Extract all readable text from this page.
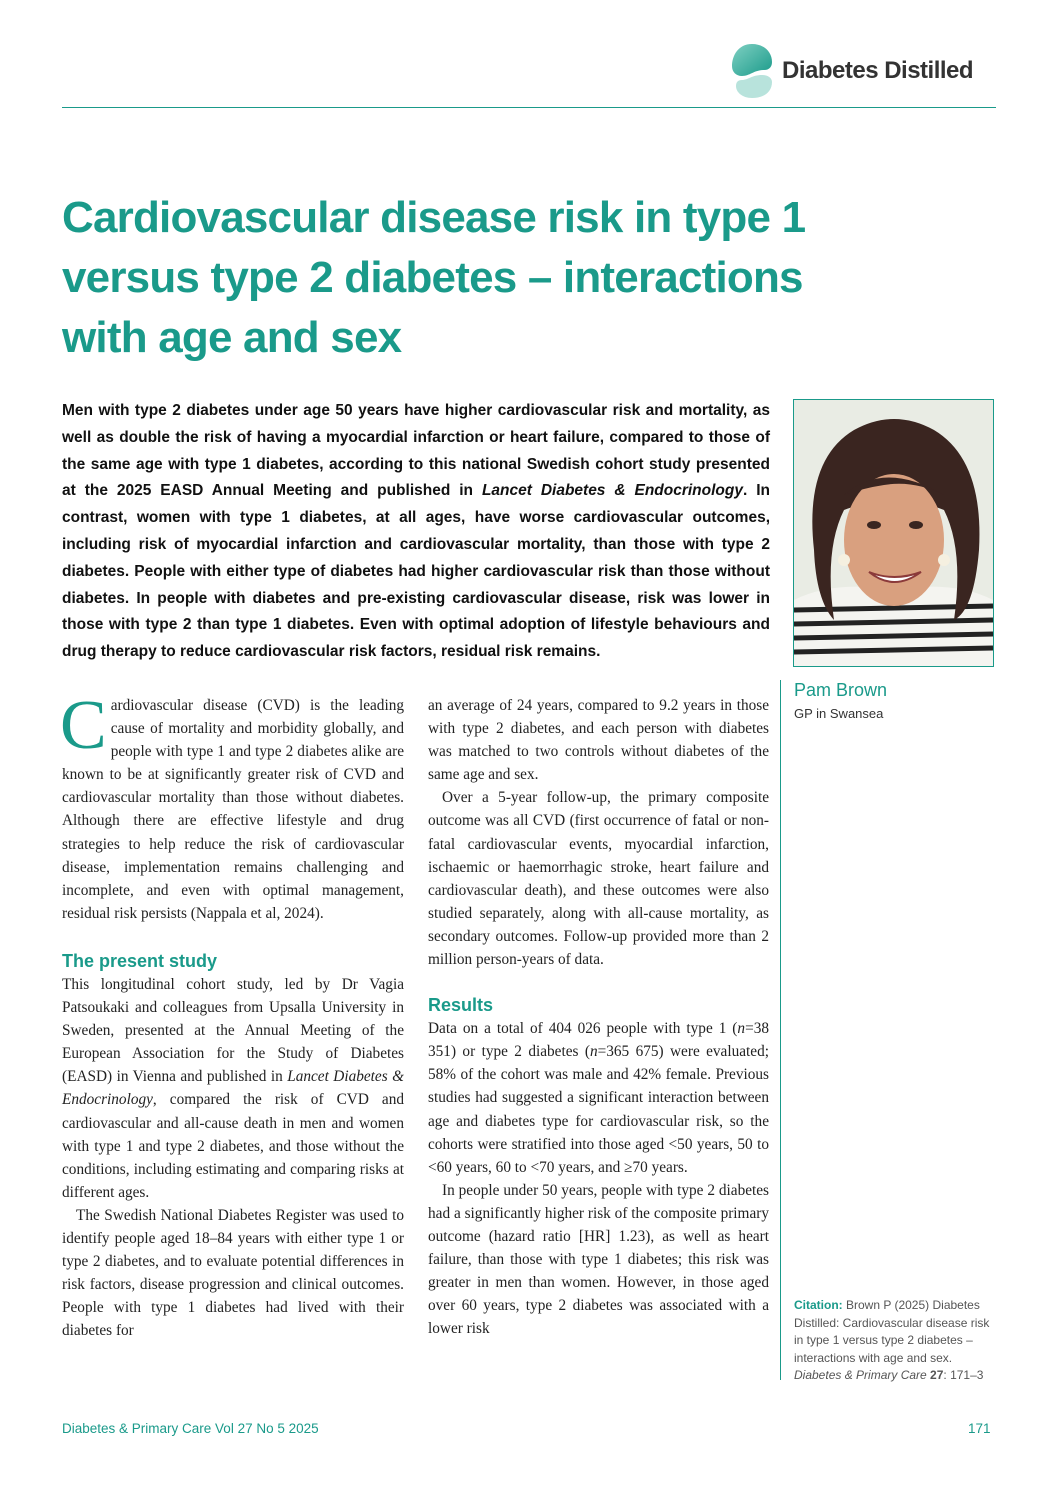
Diabetes Distilled
Cardiovascular disease risk in type 1 versus type 2 diabetes – interactions with age and sex

Men with type 2 diabetes under age 50 years have higher cardiovascular risk and mortality, as well as double the risk of having a myocardial infarction or heart failure, compared to those of the same age with type 1 diabetes, according to this national Swedish cohort study presented at the 2025 EASD Annual Meeting and published in Lancet Diabetes & Endocrinology. In contrast, women with type 1 diabetes, at all ages, have worse cardiovascular outcomes, including risk of myocardial infarction and cardiovascular mortality, than those with type 2 diabetes. People with either type of diabetes had higher cardiovascular risk than those without diabetes. In people with diabetes and pre-existing cardiovascular disease, risk was lower in those with type 2 than type 1 diabetes. Even with optimal adoption of lifestyle behaviours and drug therapy to reduce cardiovascular risk factors, residual risk remains.

Pam Brown
GP in Swansea

Cardiovascular disease (CVD) is the leading cause of mortality and morbidity globally, and people with type 1 and type 2 diabetes alike are known to be at significantly greater risk of CVD and cardiovascular mortality than those without diabetes. Although there are effective lifestyle and drug strategies to help reduce the risk of cardiovascular disease, implementation remains challenging and incomplete, and even with optimal management, residual risk persists (Nappala et al, 2024).

The present study

This longitudinal cohort study, led by Dr Vagia Patsoukaki and colleagues from Upsalla University in Sweden, presented at the Annual Meeting of the European Association for the Study of Diabetes (EASD) in Vienna and published in Lancet Diabetes & Endocrinology, compared the risk of CVD and cardiovascular and all-cause death in men and women with type 1 and type 2 diabetes, and those without the conditions, including estimating and comparing risks at different ages.

The Swedish National Diabetes Register was used to identify people aged 18–84 years with either type 1 or type 2 diabetes, and to evaluate potential differences in risk factors, disease progression and clinical outcomes. People with type 1 diabetes had lived with their diabetes for

an average of 24 years, compared to 9.2 years in those with type 2 diabetes, and each person with diabetes was matched to two controls without diabetes of the same age and sex.

Over a 5-year follow-up, the primary composite outcome was all CVD (first occurrence of fatal or non-fatal cardiovascular events, myocardial infarction, ischaemic or haemorrhagic stroke, heart failure and cardiovascular death), and these outcomes were also studied separately, along with all-cause mortality, as secondary outcomes. Follow-up provided more than 2 million person-years of data.

Results

Data on a total of 404 026 people with type 1 (n=38 351) or type 2 diabetes (n=365 675) were evaluated; 58% of the cohort was male and 42% female. Previous studies had suggested a significant interaction between age and diabetes type for cardiovascular risk, so the cohorts were stratified into those aged <50 years, 50 to <60 years, 60 to <70 years, and ≥70 years.

In people under 50 years, people with type 2 diabetes had a significantly higher risk of the composite primary outcome (hazard ratio [HR] 1.23), as well as heart failure, than those with type 1 diabetes; this risk was greater in men than women. However, in those aged over 60 years, type 2 diabetes was associated with a lower risk

Citation: Brown P (2025) Diabetes Distilled: Cardiovascular disease risk in type 1 versus type 2 diabetes – interactions with age and sex. Diabetes & Primary Care 27: 171–3
Diabetes & Primary Care Vol 27 No 5 2025	171
